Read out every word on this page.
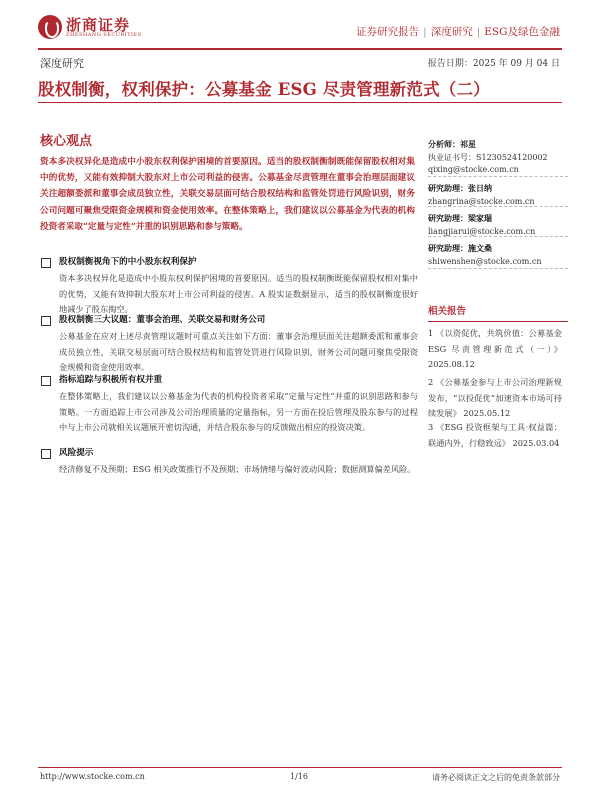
浙商证券
ZHESHANG SECURITIES	证券研究报告 | 深度研究 | ESG及绿色金融
深度研究	报告日期：2025 年 09 月 04 日
股权制衡，权利保护：公募基金 ESG 尽责管理新范式（二）
核心观点
资本多决权异化是造成中小股东权利保护困境的首要原因。适当的股权制衡制既能保留股权相对集中的优势，又能有效抑制大股东对上市公司利益的侵害。公募基金尽责管理在董事会治理层面建议关注超额委派和董事会成员独立性，关联交易层面可结合股权结构和监管处罚进行风险识别，财务公司问题可聚焦受限资金规模和资金使用效率。在整体策略上，我们建议以公募基金为代表的机构投资者采取“定量与定性”并重的识别思路和参与策略。
股权制衡视角下的中小股东权利保护
资本多决权异化是造成中小股东权利保护困境的首要原因。适当的股权制衡既能保留股权相对集中的优势，又能有效抑制大股东对上市公司利益的侵害。A 股实证数据显示，适当的股权制衡度很好地减少了股东掏空。
股权制衡三大议题：董事会治理、关联交易和财务公司
公募基金在应对上述尽责管理议题时可重点关注如下方面：董事会治理层面关注超额委派和董事会成员独立性，关联交易层面可结合股权结构和监管处罚进行风险识别，财务公司问题可聚焦受限资金规模和资金使用效率。
指标追踪与积极所有权并重
在整体策略上，我们建议以公募基金为代表的机构投资者采取“定量与定性”并重的识别思路和参与策略。一方面追踪上市公司涉及公司治理质量的定量指标，另一方面在投后管理及股东参与的过程中与上市公司就相关议题展开密切沟通，并结合股东参与的反馈做出相应的投资决策。
风险提示
经济修复不及预期；ESG 相关政策推行不及预期；市场情绪与偏好波动风险；数据测算偏差风险。
分析师：祁星
执业证书号：S1230524120002
qixing@stocke.com.cn
研究助理：张日纳
zhangrina@stocke.com.cn
研究助理：梁家瑞
liangjiarui@stocke.com.cn
研究助理：施文桑
shiwenshen@stocke.com.cn
相关报告
1 《以资促优，共筑价值：公募基金 ESG 尽责管理新范式（一）》 2025.08.12
2 《公募基金参与上市公司治理新规发布，“以投促优”加速资本市场可持续发展》 2025.05.12
3 《ESG 投资框架与工具·权益篇：联通内外，行稳致远》 2025.03.04
http://www.stocke.com.cn	1/16	请务必阅读正文之后的免责条款部分
